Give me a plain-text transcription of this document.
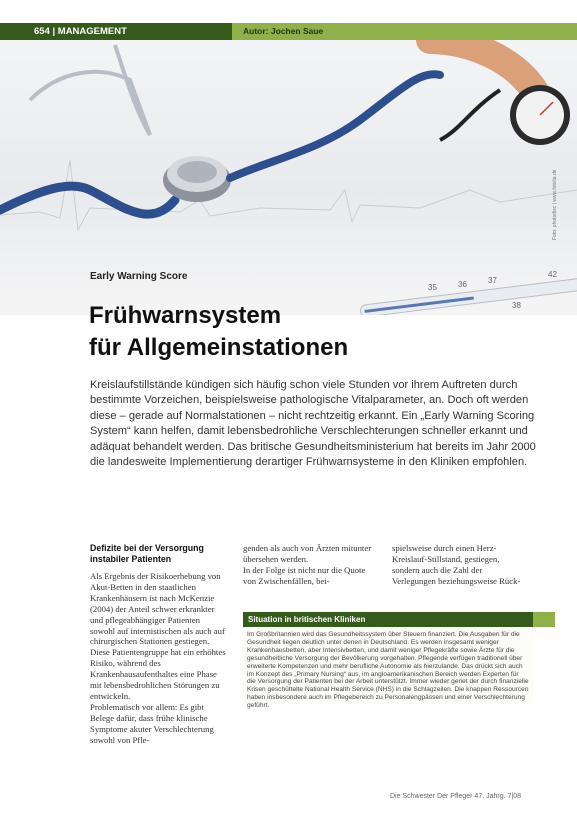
654 | MANAGEMENT	Autor: Jochen Saue
35	36	37
38
42
Foto: photodisc | www.fotolia.de
Early Warning Score
Frühwarnsystem
für Allgemeinstationen
Kreislaufstillstände kündigen sich häufig schon viele Stunden vor ihrem Auftreten durch bestimmte Vorzeichen, beispielsweise pathologische Vitalparameter, an. Doch oft werden diese – gerade auf Normalstationen – nicht rechtzeitig erkannt. Ein „Early Warning Scoring System“ kann helfen, damit lebensbedrohliche Verschlechterungen schneller erkannt und adäquat behandelt werden. Das britische Gesundheitsministerium hat bereits im Jahr 2000 die landesweite Implementierung derartiger Frühwarnsysteme in den Kliniken empfohlen.
Defizite bei der Versorgung instabiler Patienten

Als Ergebnis der Risikoerhebung von Akut-Betten in den staatlichen Krankenhäusern ist nach McKenzie (2004) der Anteil schwer erkrankter und pflegeabhängiger Patienten sowohl auf internistischen als auch auf chirurgischen Stationen gestiegen. Diese Patientengruppe hat ein erhöhtes Risiko, während des Krankenhausaufenthaltes eine Phase mit lebensbedrohlichen Störungen zu entwickeln.

Problematisch vor allem: Es gibt Belege dafür, dass frühe klinische Symptome akuter Verschlechterung sowohl von Pfle-

genden als auch von Ärzten mitunter übersehen werden.

In der Folge ist nicht nur die Quote von Zwischenfällen, bei-

spielsweise durch einen Herz-Kreislauf-Stillstand, gestiegen, sondern auch die Zahl der Verlegungen beziehungsweise Rück-

Situation in britischen Kliniken
Im Großbritannien wird das Gesundheitssystem über Steuern finanziert. Die Ausgaben für die Gesundheit liegen deutlich unter denen in Deutschland. Es werden insgesamt weniger Krankenhausbetten, aber Intensivbetten, und damit weniger Pflegekräfte sowie Ärzte für die gesundheitliche Versorgung der Bevölkerung vorgehalten. Pflegende verfügen traditionell über erweiterte Kompetenzen und mehr berufliche Autonomie als hierzulande. Das drückt sich auch im Konzept des „Primary Nursing“ aus, im angloamerikanischen Bereich werden Experten für die Versorgung der Patienten bei der Arbeit unterstützt. Immer wieder geriet der durch finanzielle Krisen geschüttelte National Health Service (NHS) in die Schlagzeilen. Die knappen Ressourcen haben insbesondere auch im Pflegebereich zu Personalengpässen und einer Verschlechterung geführt.
Die Schwester Der Pfleger 47. Jahrg. 7|08
